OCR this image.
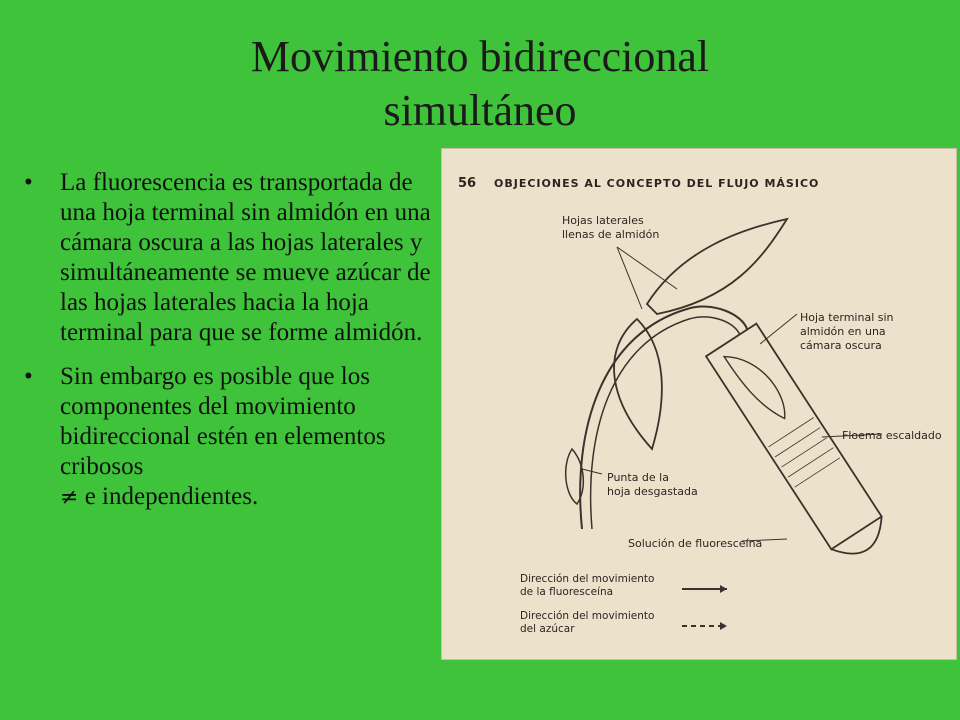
Movimiento bidireccional
simultáneo
• La fluorescencia es transportada de una hoja terminal sin almidón en una cámara oscura a las hojas laterales y simultáneamente se mueve azúcar de las hojas laterales hacia la hoja terminal para que se forme almidón.
• Sin embargo es posible que los componentes del movimiento bidireccional estén en elementos cribosos
≠ e independientes.
56 OBJECIONES AL CONCEPTO DEL FLUJO MÁSICO
Hojas laterales llenas de almidón
Hoja terminal sin almidón en una cámara oscura
Floema escaldado
Punta de la hoja desgastada
Solución de fluoresceína
Dirección del movimiento de la fluoresceína
Dirección del movimiento del azúcar
